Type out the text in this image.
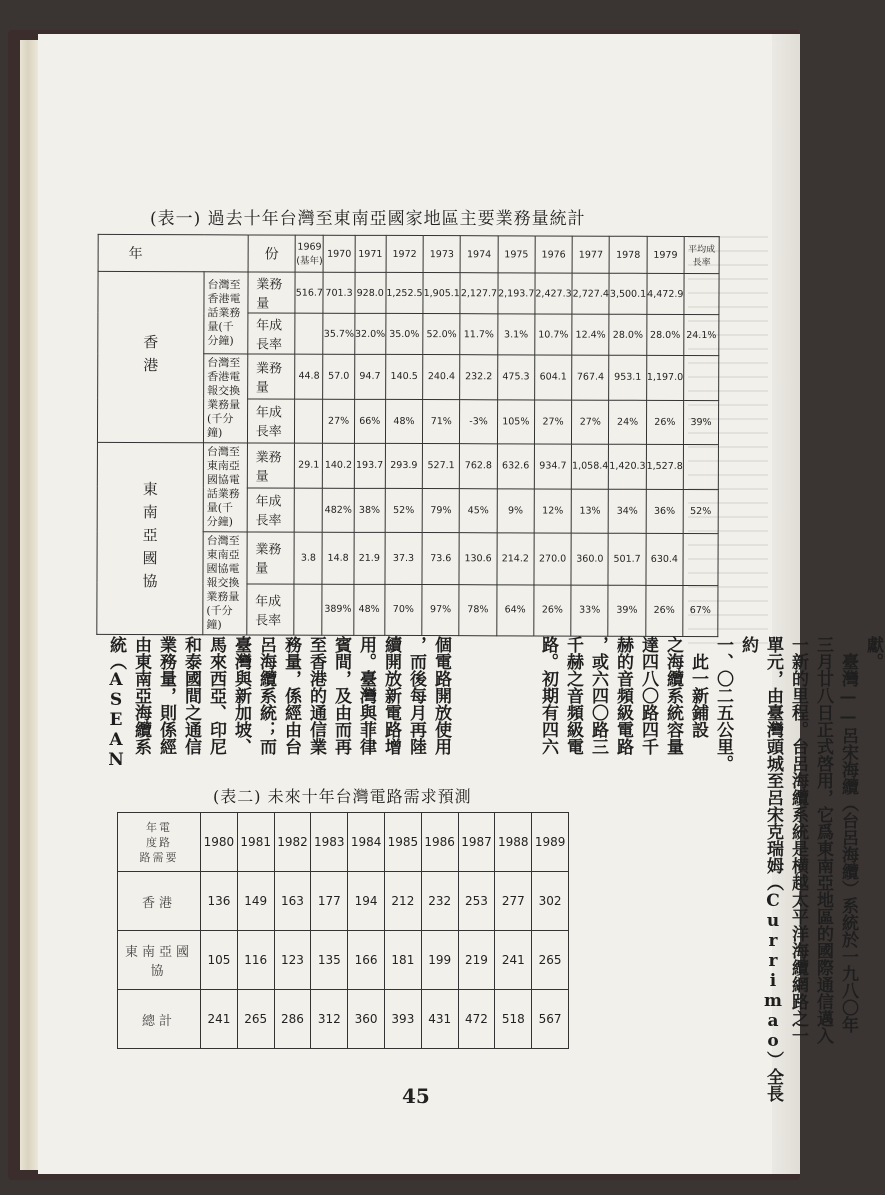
(表一) 過去十年台灣至東南亞國家地區主要業務量統計
年		份	1969 (基年)	1970	1971	1972	1973	1974	1975	1976	1977	1978	1979	平均成長率
香港	台灣至香港電話業務量(千分鐘)	業務量	516.7	701.3	928.0	1,252.5	1,905.1	2,127.7	2,193.7	2,427.3	2,727.4	3,500.1	4,472.9	
		年成長率		35.7%	32.0%	35.0%	52.0%	11.7%	3.1%	10.7%	12.4%	28.0%	28.0%	24.1%
	台灣至香港電報交換業務量(千分鐘)	業務量	44.8	57.0	94.7	140.5	240.4	232.2	475.3	604.1	767.4	953.1	1,197.0	
		年成長率		27%	66%	48%	71%	-3%	105%	27%	27%	24%	26%	39%
東南亞國協	台灣至東南亞國協電話業務量(千分鐘)	業務量	29.1	140.2	193.7	293.9	527.1	762.8	632.6	934.7	1,058.4	1,420.3	1,527.8	
		年成長率		482%	38%	52%	79%	45%	9%	12%	13%	34%	36%	52%
	台灣至東南亞國協電報交換業務量(千分鐘)	業務量	3.8	14.8	21.9	37.3	73.6	130.6	214.2	270.0	360.0	501.7	630.4	
		年成長率		389%	48%	70%	97%	78%	64%	26%	33%	39%	26%	67%
獻。
　臺灣——呂宋海纜（台呂海纜）系統於一九八〇年
三月廿八日正式啓用，它爲東南亞地區的國際通信邁入
一新的里程。台呂海纜系統是横越太平洋海纜網路之一
單元，由臺灣頭城至呂宋克瑞姆（Currimao）全長約
一、〇二五公里。
　此一新鋪設
之海纜系統容量
達四八〇路四千
赫的音頻級電路
，或六四〇路三
千赫之音頻級電
路。初期有四六
個電路開放使用
，而後每月再陸
續開放新電路增
用。臺灣與菲律
賓間，及由而再
至香港的通信業
務量，係經由台
呂海纜系統；而
臺灣與新加坡、
馬來西亞、印尼
和泰國間之通信
業務量，則係經
由東南亞海纜系
統（ASEAN
(表二) 未來十年台灣電路需求預測
年電
度路
路需要	1980	1981	1982	1983	1984	1985	1986	1987	1988	1989
香港	136	149	163	177	194	212	232	253	277	302
東南亞國協	105	116	123	135	166	181	199	219	241	265
總計	241	265	286	312	360	393	431	472	518	567
45
